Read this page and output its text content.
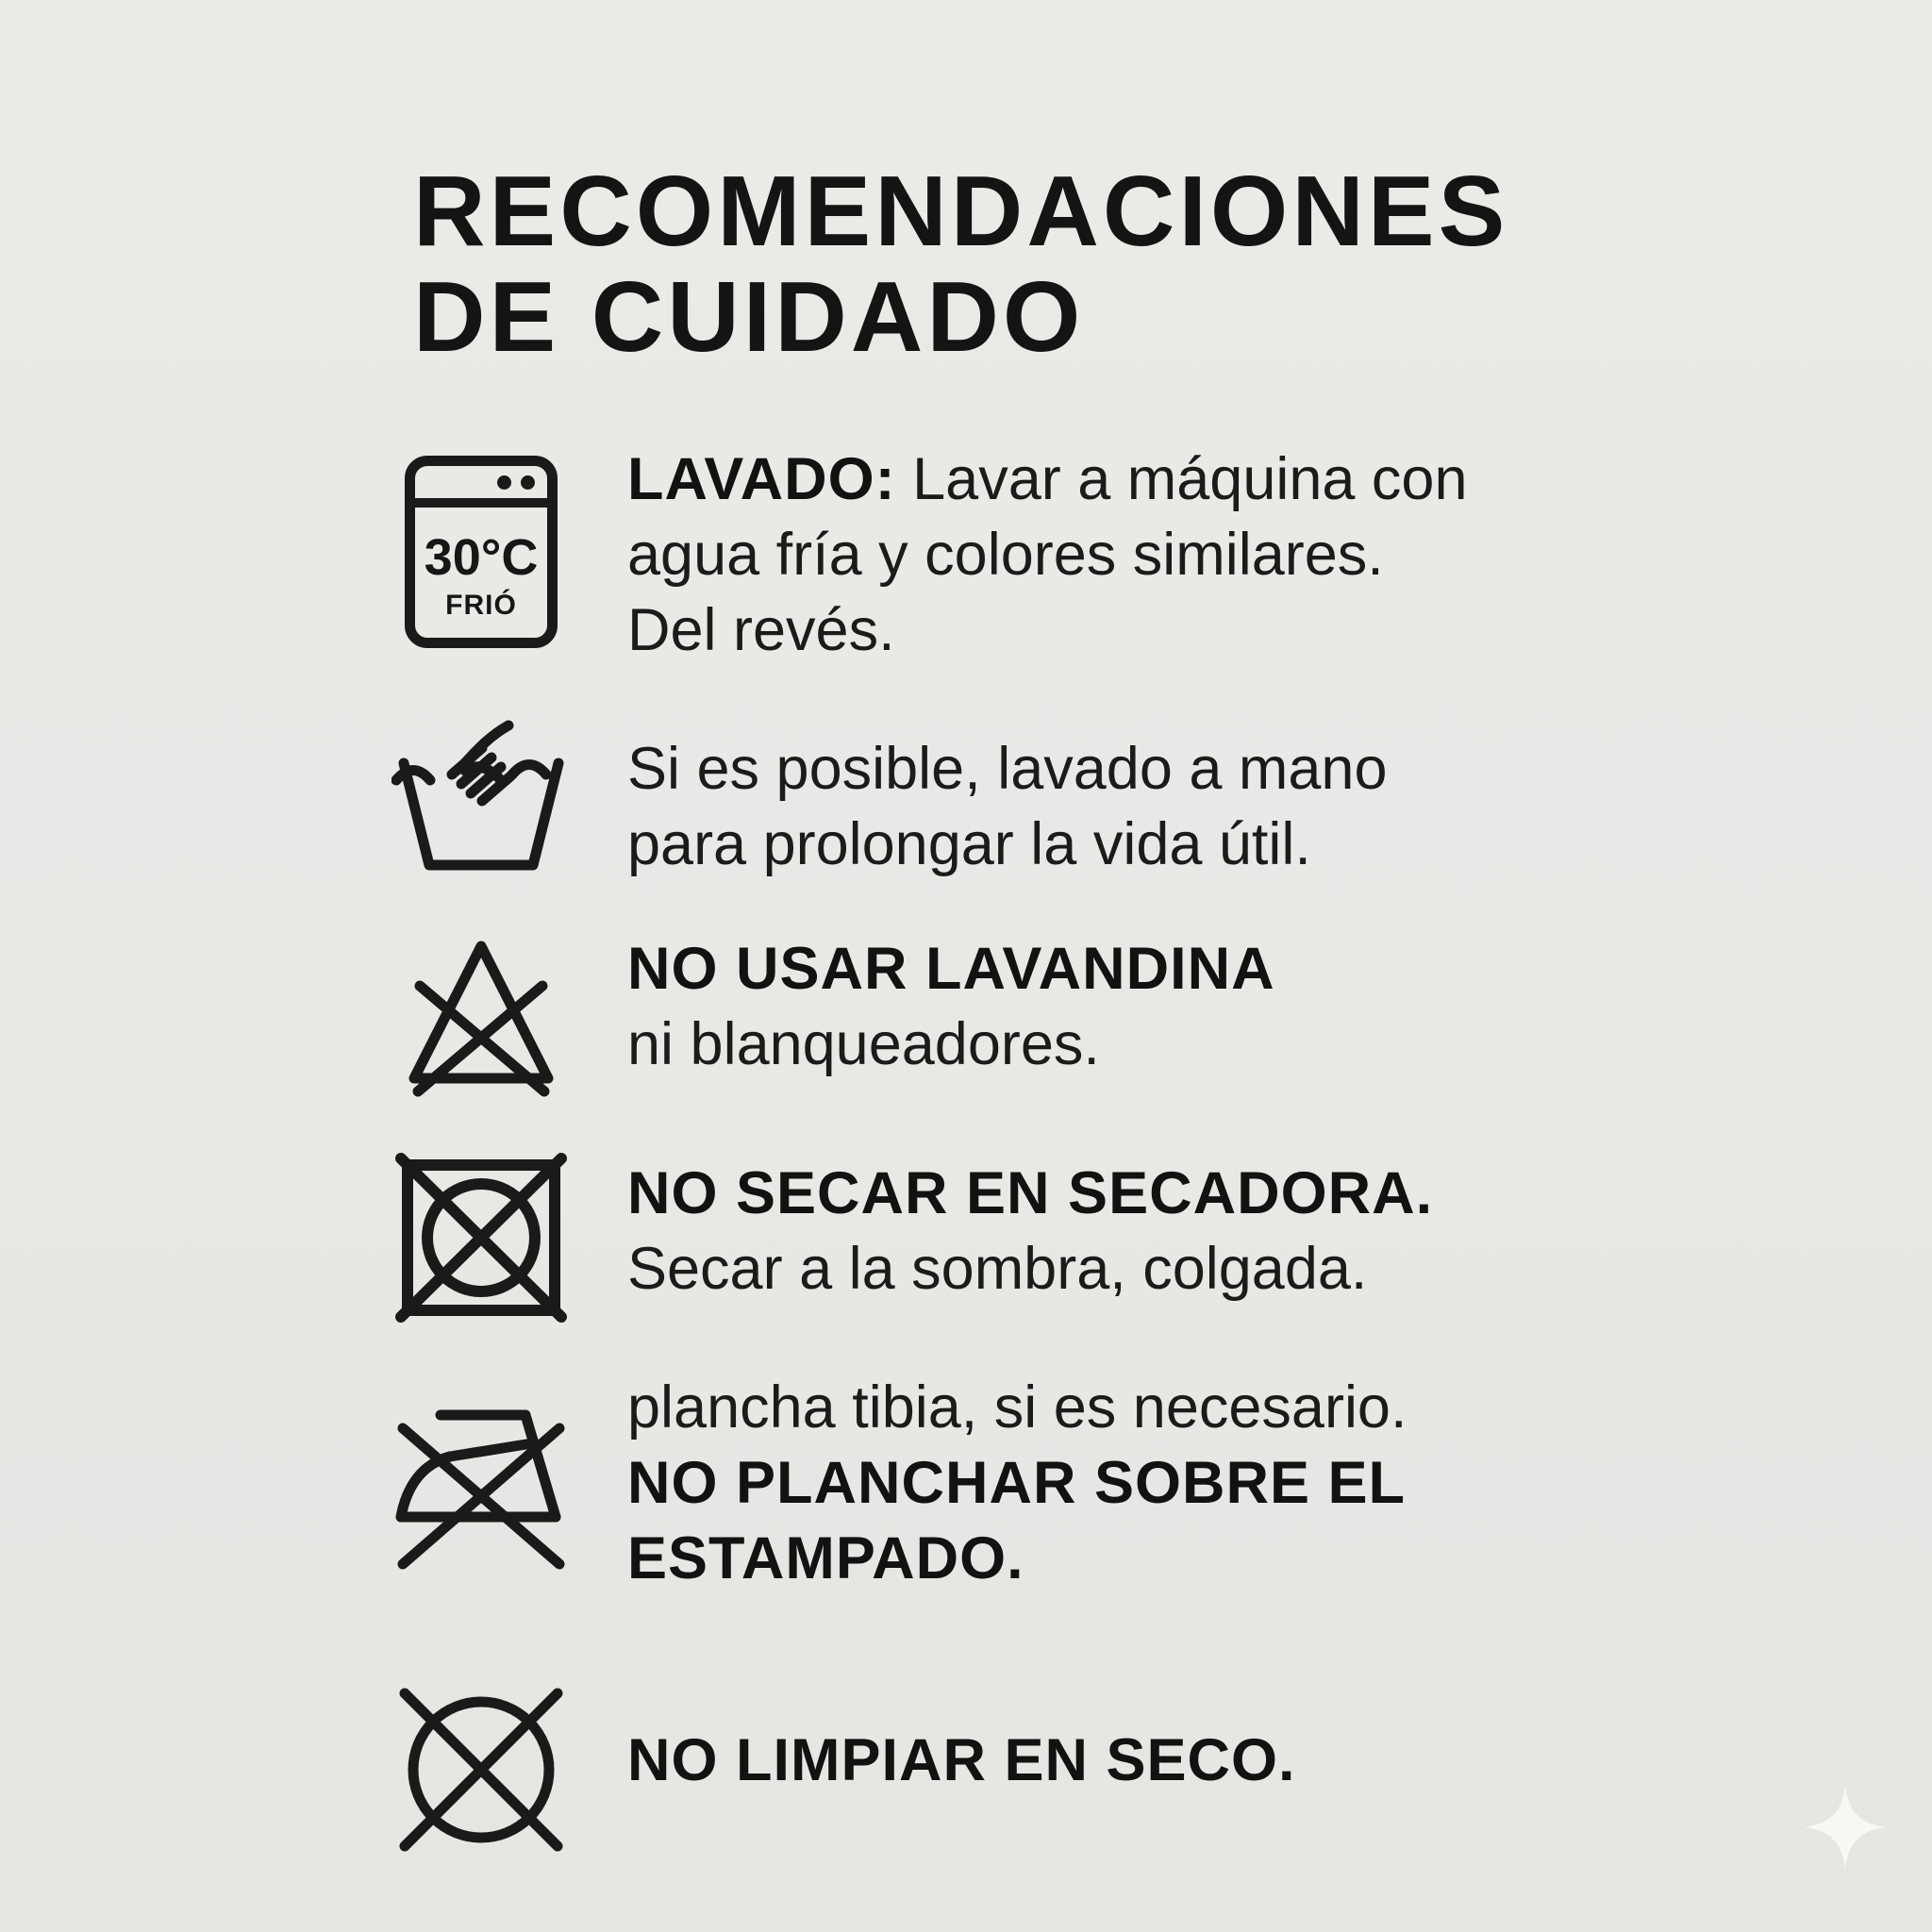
RECOMENDACIONES
DE CUIDADO
30°C
FRIÓ
LAVADO: Lavar a máquina con
agua fría y colores similares.
Del revés.
Si es posible, lavado a mano
para prolongar la vida útil.
NO USAR LAVANDINA
ni blanqueadores.
NO SECAR EN SECADORA.
Secar a la sombra, colgada.
plancha tibia, si es necesario.
NO PLANCHAR SOBRE EL
ESTAMPADO.
NO LIMPIAR EN SECO.
